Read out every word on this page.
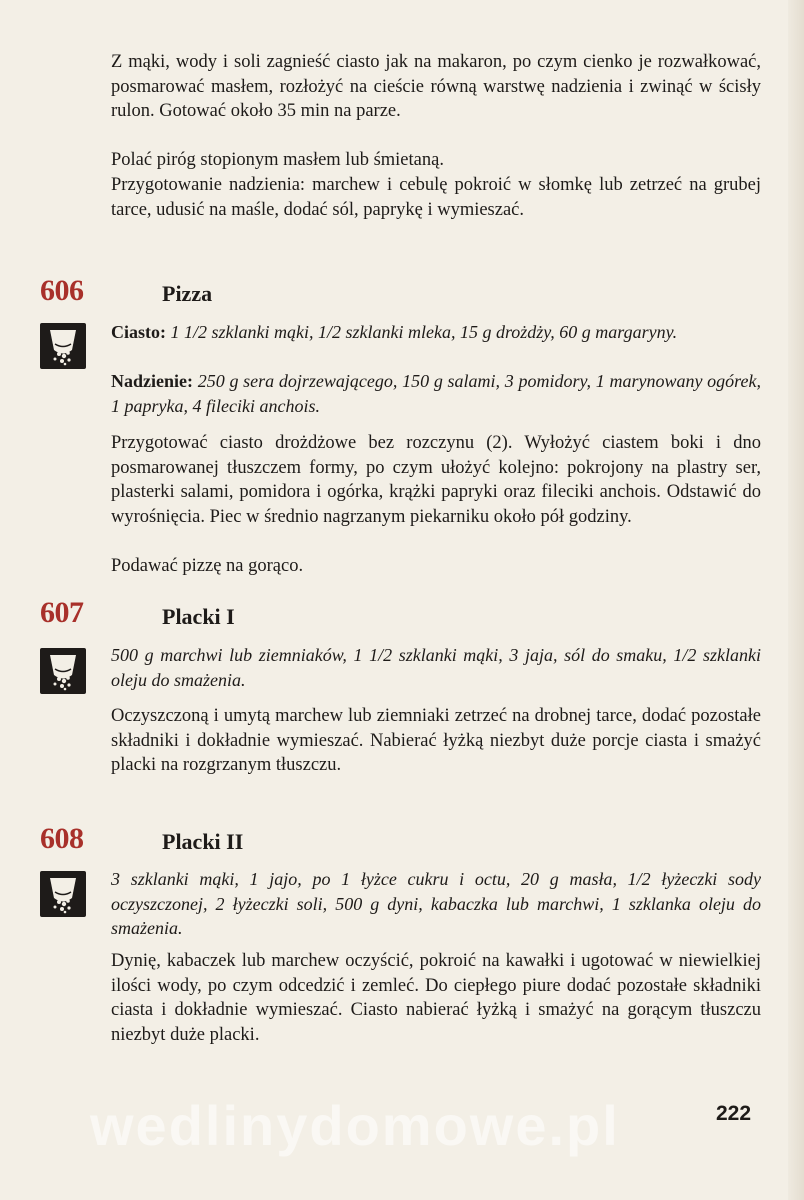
Z mąki, wody i soli zagnieść ciasto jak na makaron, po czym cienko je rozwałkować, posmarować masłem, rozłożyć na cieście równą warstwę nadzienia i zwinąć w ścisły rulon. Gotować około 35 min na parze.

Polać piróg stopionym masłem lub śmietaną.

Przygotowanie nadzienia: marchew i cebulę pokroić w słomkę lub zetrzeć na grubej tarce, udusić na maśle, dodać sól, paprykę i wymieszać.

606	Pizza

Ciasto: 1 1/2 szklanki mąki, 1/2 szklanki mleka, 15 g drożdży, 60 g margaryny.

Nadzienie: 250 g sera dojrzewającego, 150 g salami, 3 pomidory, 1 marynowany ogórek, 1 papryka, 4 fileciki anchois.

Przygotować ciasto drożdżowe bez rozczynu (2). Wyłożyć ciastem boki i dno posmarowanej tłuszczem formy, po czym ułożyć kolejno: pokrojony na plastry ser, plasterki salami, pomidora i ogórka, krążki papryki oraz fileciki anchois. Odstawić do wyrośnięcia. Piec w średnio nagrzanym piekarniku około pół godziny.

Podawać pizzę na gorąco.

607	Placki I

500 g marchwi lub ziemniaków, 1 1/2 szklanki mąki, 3 jaja, sól do smaku, 1/2 szklanki oleju do smażenia.

Oczyszczoną i umytą marchew lub ziemniaki zetrzeć na drobnej tarce, dodać pozostałe składniki i dokładnie wymieszać. Nabierać łyżką niezbyt duże porcje ciasta i smażyć placki na rozgrzanym tłuszczu.

608	Placki II

3 szklanki mąki, 1 jajo, po 1 łyżce cukru i octu, 20 g masła, 1/2 łyżeczki sody oczyszczonej, 2 łyżeczki soli, 500 g dyni, kabaczka lub marchwi, 1 szklanka oleju do smażenia.

Dynię, kabaczek lub marchew oczyścić, pokroić na kawałki i ugotować w niewielkiej ilości wody, po czym odcedzić i zemleć. Do ciepłego piure dodać pozostałe składniki ciasta i dokładnie wymieszać. Ciasto nabierać łyżką i smażyć na gorącym tłuszczu niezbyt duże placki.

wedlinydomowe.pl	222
